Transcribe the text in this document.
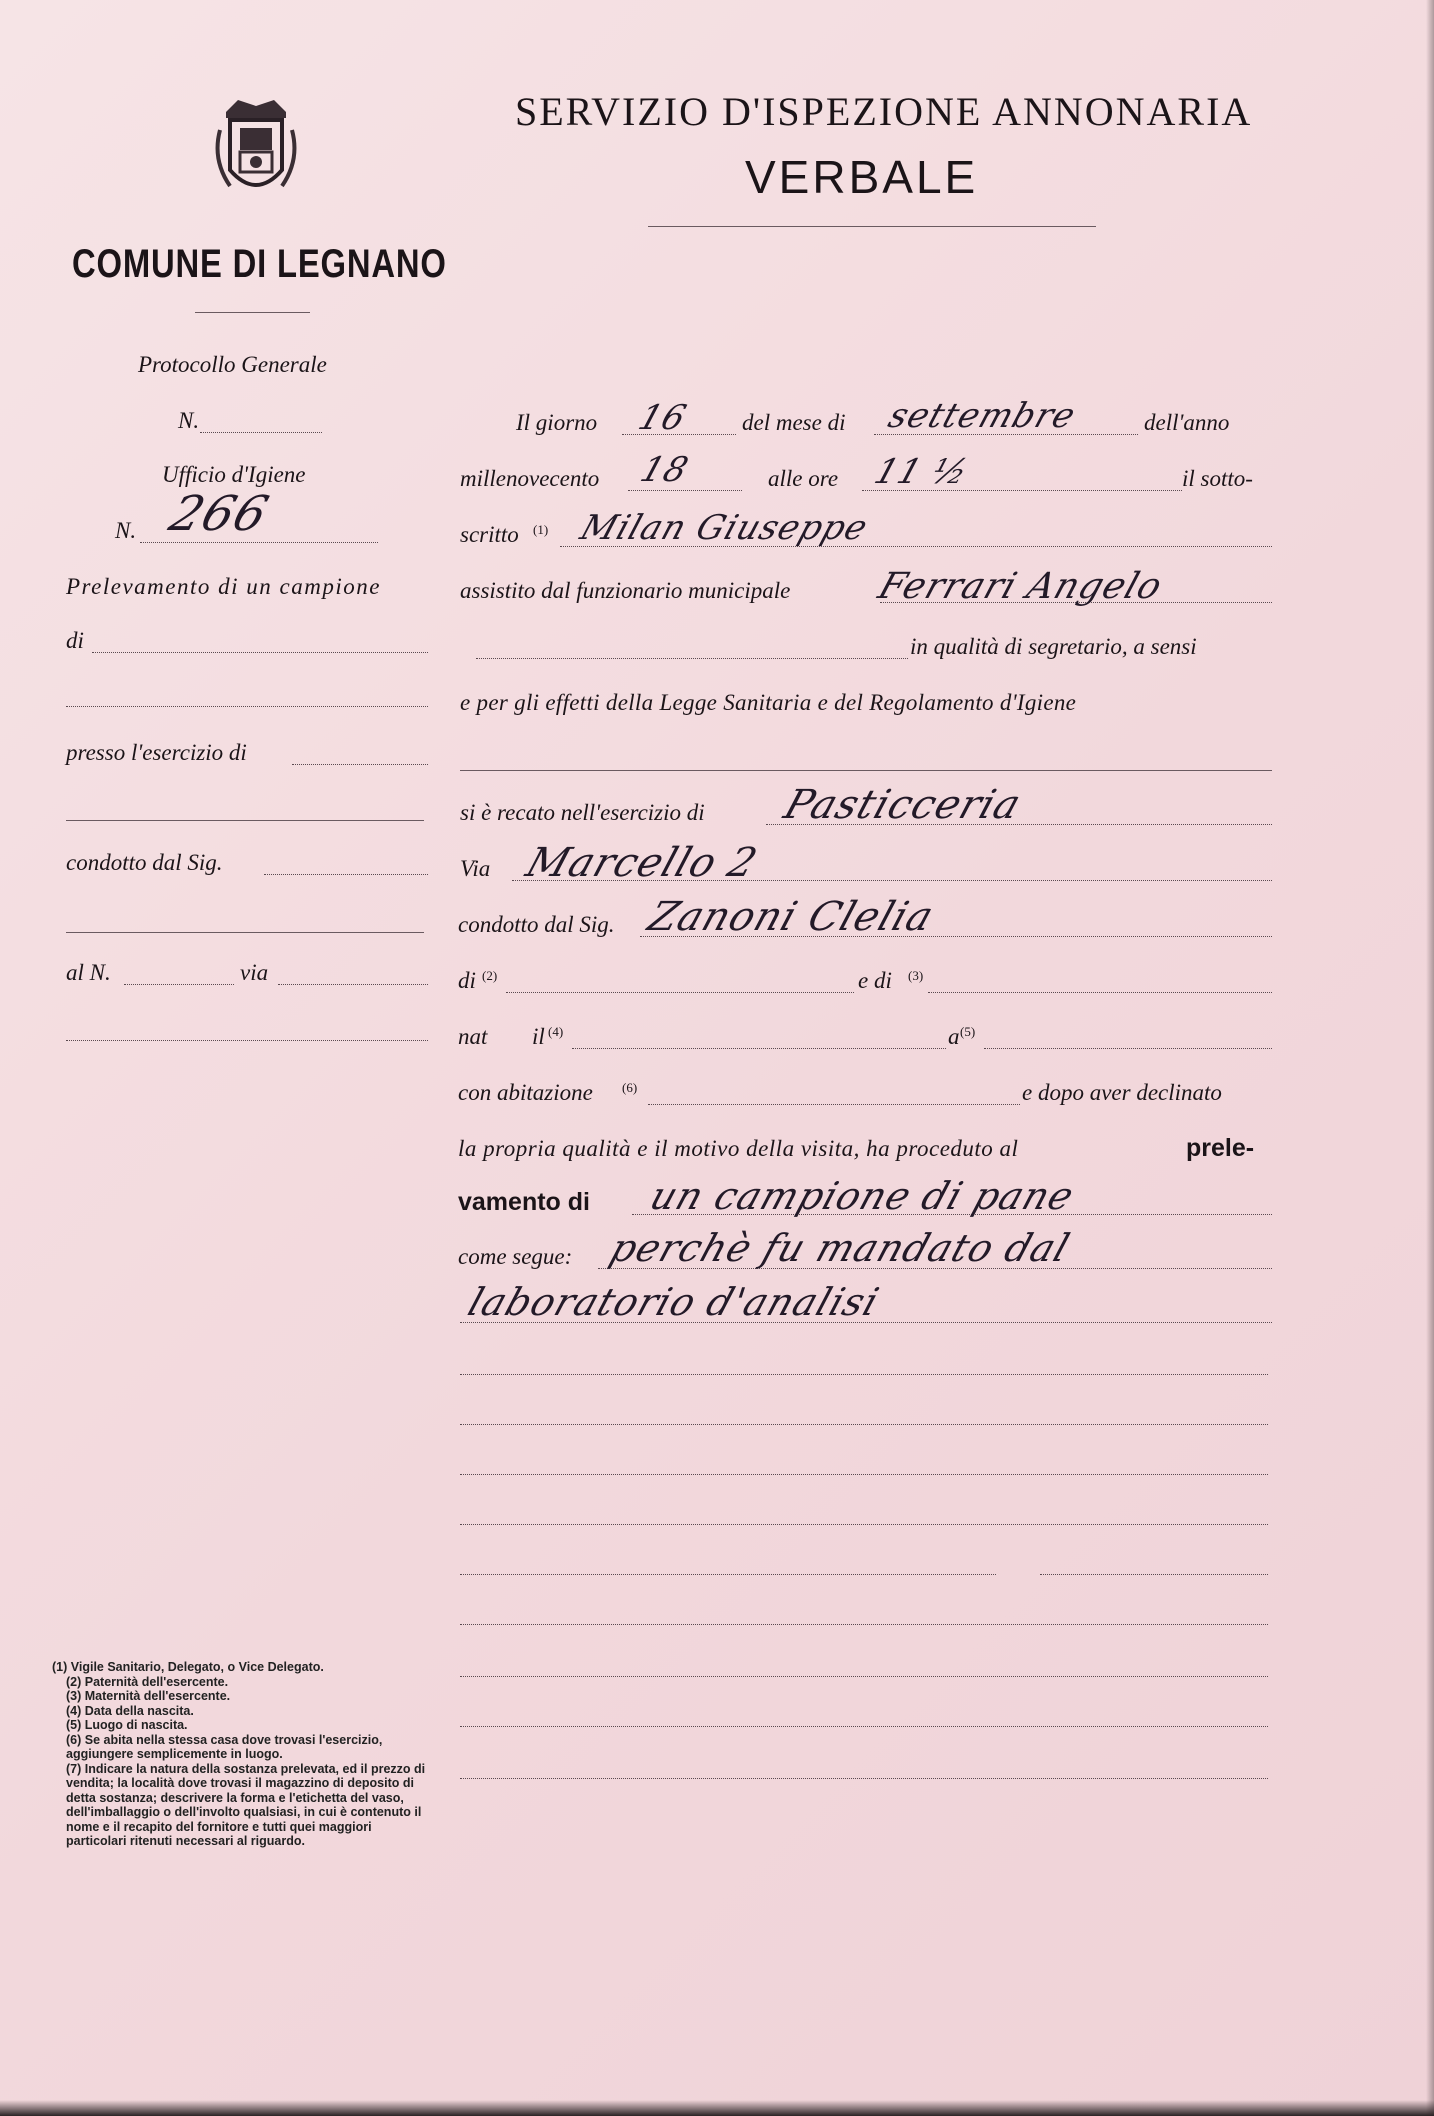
COMUNE DI LEGNANO
SERVIZIO D'ISPEZIONE ANNONARIA
VERBALE
Protocollo Generale
N.
Ufficio d'Igiene
N. 266
Prelevamento di un campione
di
presso l'esercizio di
condotto dal Sig.
al N.	via
(1) Vigile Sanitario, Delegato, o Vice Delegato.
(2) Paternità dell'esercente.
(3) Maternità dell'esercente.
(4) Data della nascita.
(5) Luogo di nascita.
(6) Se abita nella stessa casa dove trovasi l'esercizio, aggiungere semplicemente in luogo.
(7) Indicare la natura della sostanza prelevata, ed il prezzo di vendita; la località dove trovasi il magazzino di deposito di detta sostanza; descrivere la forma e l'etichetta del vaso, dell'imballaggio o dell'involto qualsiasi, in cui è contenuto il nome e il recapito del fornitore e tutti quei maggiori particolari ritenuti necessari al riguardo.
Il giorno 16 del mese di settembre	dell'anno
millenovecento 18	alle ore 11 ½	il sotto-
scritto (1) Milan Giuseppe
assistito dal funzionario municipale Ferrari Angelo
in qualità di segretario, a sensi
e per gli effetti della Legge Sanitaria e del Regolamento d'Igiene
si è recato nell'esercizio di Pasticceria
Via Marcello 2
condotto dal Sig. Zanoni Clelia
di (2)	e di (3)
nat il (4)	a (5)
con abitazione (6)	e dopo aver declinato
la propria qualità e il motivo della visita, ha proceduto al	prele-
vamento di un campione di pane
come segue: perchè fu mandato dal
laboratorio d'analisi
